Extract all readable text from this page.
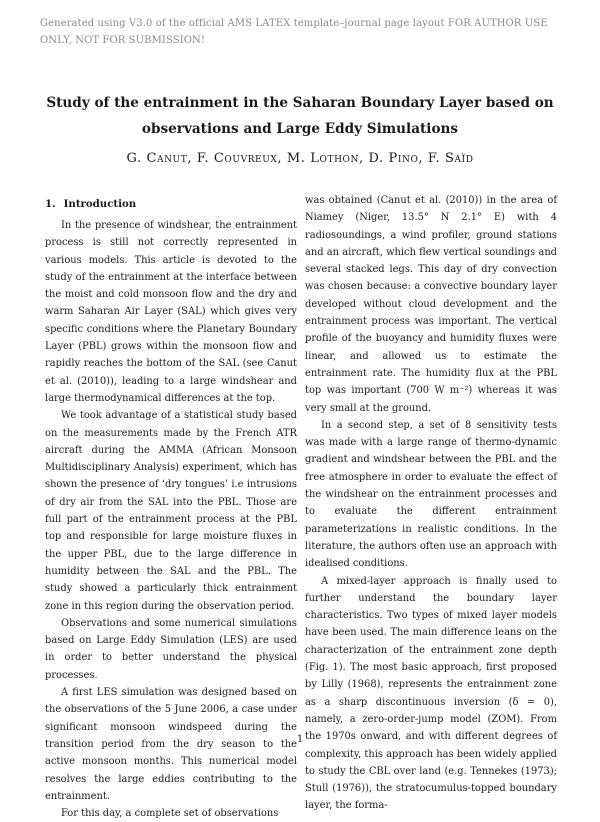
Generated using V3.0 of the official AMS LATEX template–journal page layout FOR AUTHOR USE ONLY, NOT FOR SUBMISSION!
Study of the entrainment in the Saharan Boundary Layer based on observations and Large Eddy Simulations
G. Canut, F. Couvreux, M. Lothon, D. Pino, F. Saïd
1. Introduction

In the presence of windshear, the entrainment process is still not correctly represented in various models. This article is devoted to the study of the entrainment at the interface between the moist and cold monsoon flow and the dry and warm Saharan Air Layer (SAL) which gives very specific conditions where the Planetary Boundary Layer (PBL) grows within the monsoon flow and rapidly reaches the bottom of the SAL (see Canut et al. (2010)), leading to a large windshear and large thermodynamical differences at the top.

We took advantage of a statistical study based on the measurements made by the French ATR aircraft during the AMMA (African Monsoon Multidisciplinary Analysis) experiment, which has shown the presence of ‘dry tongues’ i.e intrusions of dry air from the SAL into the PBL. Those are full part of the entrainment process at the PBL top and responsible for large moisture fluxes in the upper PBL, due to the large difference in humidity between the SAL and the PBL. The study showed a particularly thick entrainment zone in this region during the observation period.

Observations and some numerical simulations based on Large Eddy Simulation (LES) are used in order to better understand the physical processes.

A first LES simulation was designed based on the observations of the 5 June 2006, a case under significant monsoon windspeed during the transition period from the dry season to the active monsoon months. This numerical model resolves the large eddies contributing to the entrainment.

For this day, a complete set of observations

was obtained (Canut et al. (2010)) in the area of Niamey (Niger, 13.5° N 2.1° E) with 4 radiosoundings, a wind profiler, ground stations and an aircraft, which flew vertical soundings and several stacked legs. This day of dry convection was chosen because: a convective boundary layer developed without cloud development and the entrainment process was important. The vertical profile of the buoyancy and humidity fluxes were linear, and allowed us to estimate the entrainment rate. The humidity flux at the PBL top was important (700 W m⁻²) whereas it was very small at the ground.

In a second step, a set of 8 sensitivity tests was made with a large range of thermo-dynamic gradient and windshear between the PBL and the free atmosphere in order to evaluate the effect of the windshear on the entrainment processes and to evaluate the different entrainment parameterizations in realistic conditions. In the literature, the authors often use an approach with idealised conditions.

A mixed-layer approach is finally used to further understand the boundary layer characteristics. Two types of mixed layer models have been used. The main difference leans on the characterization of the entrainment zone depth (Fig. 1). The most basic approach, first proposed by Lilly (1968), represents the entrainment zone as a sharp discontinuous inversion (δ = 0), namely, a zero-order-jump model (ZOM). From the 1970s onward, and with different degrees of complexity, this approach has been widely applied to study the CBL over land (e.g. Tennekes (1973); Stull (1976)), the stratocumulus-topped boundary layer, the forma-

1
